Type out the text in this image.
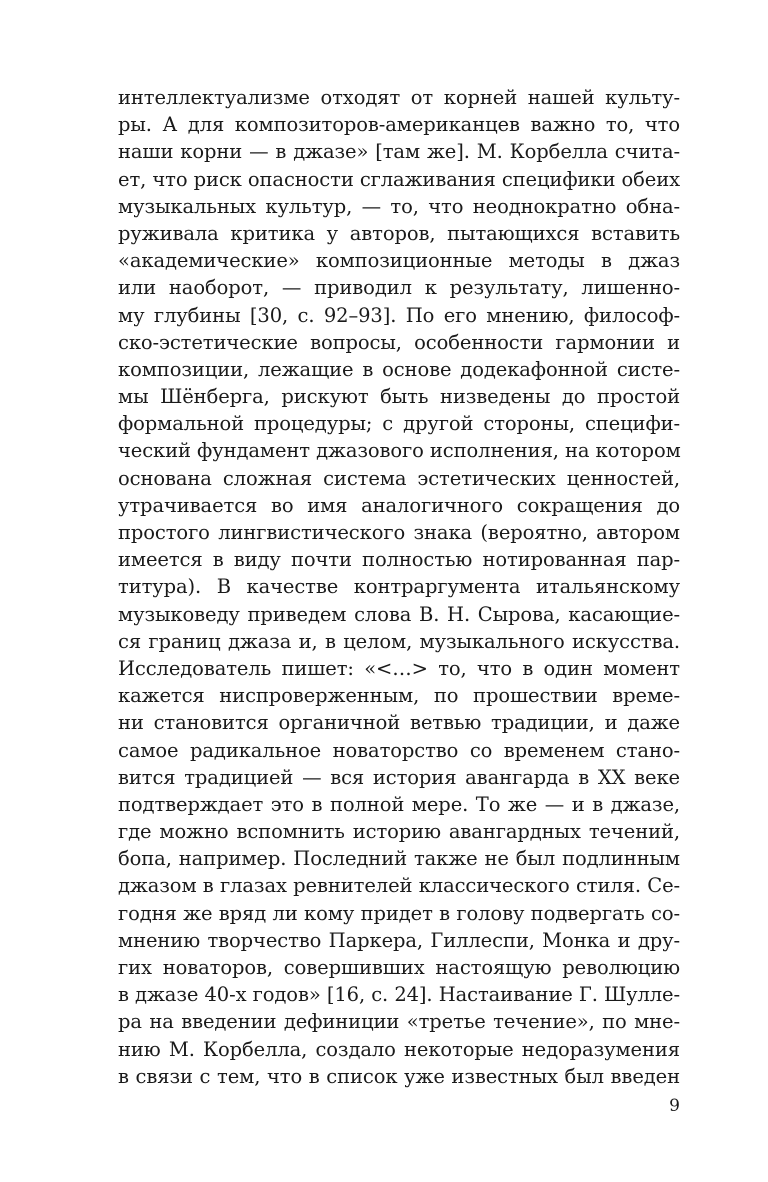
интеллектуализме отходят от корней нашей культу-
ры. А для композиторов-американцев важно то, что
наши корни — в джазе» [там же]. М. Корбелла счита-
ет, что риск опасности сглаживания специфики обеих
музыкальных культур, — то, что неоднократно обна-
руживала критика у авторов, пытающихся вставить
«академические» композиционные методы в джаз
или наоборот, — приводил к результату, лишенно-
му глубины [30, с. 92–93]. По его мнению, философ-
ско-эстетические вопросы, особенности гармонии и
композиции, лежащие в основе додекафонной систе-
мы Шёнберга, рискуют быть низведены до простой
формальной процедуры; с другой стороны, специфи-
ческий фундамент джазового исполнения, на котором
основана сложная система эстетических ценностей,
утрачивается во имя аналогичного сокращения до
простого лингвистического знака (вероятно, автором
имеется в виду почти полностью нотированная пар-
титура). В качестве контраргумента итальянскому
музыковеду приведем слова В. Н. Сырова, касающие-
ся границ джаза и, в целом, музыкального искусства.
Исследователь пишет: «<…> то, что в один момент
кажется ниспроверженным, по прошествии време-
ни становится органичной ветвью традиции, и даже
самое радикальное новаторство со временем стано-
вится традицией — вся история авангарда в XX веке
подтверждает это в полной мере. То же — и в джазе,
где можно вспомнить историю авангардных течений,
бопа, например. Последний также не был подлинным
джазом в глазах ревнителей классического стиля. Се-
годня же вряд ли кому придет в голову подвергать со-
мнению творчество Паркера, Гиллеспи, Монка и дру-
гих новаторов, совершивших настоящую революцию
в джазе 40-х годов» [16, с. 24]. Настаивание Г. Шулле-
ра на введении дефиниции «третье течение», по мне-
нию М. Корбелла, создало некоторые недоразумения
в связи с тем, что в список уже известных был введен
9
